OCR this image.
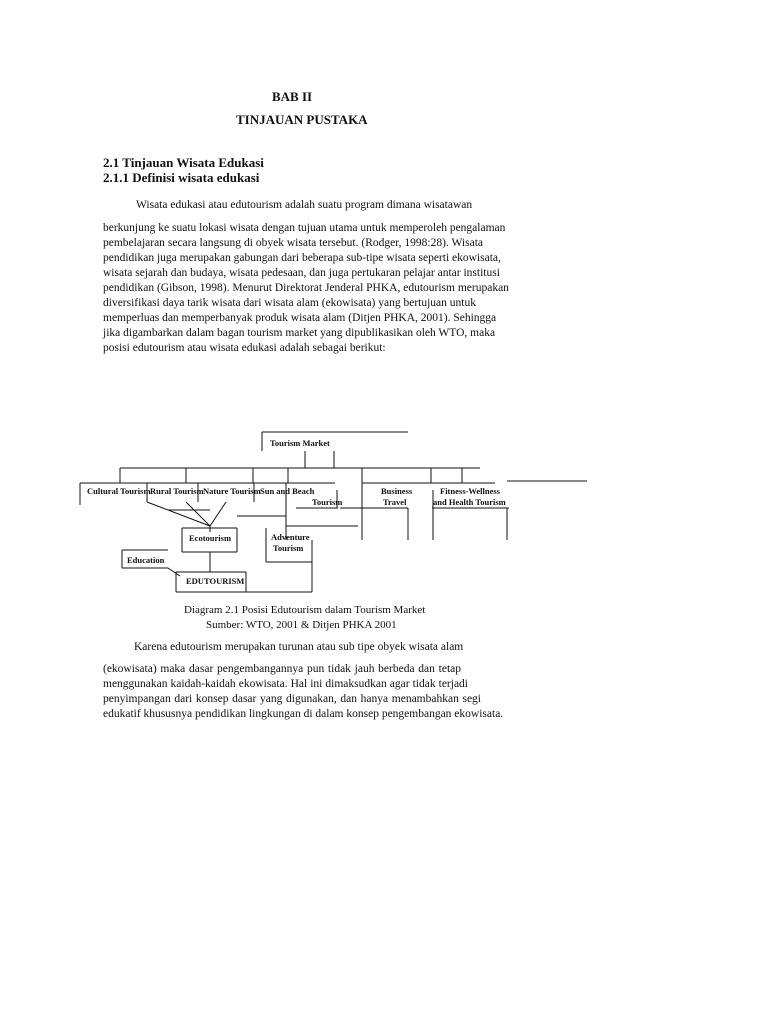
BAB II
TINJAUAN PUSTAKA
2.1 Tinjauan Wisata Edukasi
2.1.1 Definisi wisata edukasi
Wisata edukasi atau edutourism adalah suatu program dimana wisatawan
berkunjung ke suatu lokasi wisata dengan tujuan utama untuk memperoleh pengalaman
pembelajaran secara langsung di obyek wisata tersebut. (Rodger, 1998:28). Wisata
pendidikan juga merupakan gabungan dari beberapa sub-tipe wisata seperti ekowisata,
wisata sejarah dan budaya, wisata pedesaan, dan juga pertukaran pelajar antar institusi
pendidikan (Gibson, 1998). Menurut Direktorat Jenderal PHKA, edutourism merupakan
diversifikasi daya tarik wisata dari wisata alam (ekowisata) yang bertujuan untuk
memperluas dan memperbanyak produk wisata alam (Ditjen PHKA, 2001). Sehingga
jika digambarkan dalam bagan tourism market yang dipublikasikan oleh WTO, maka
posisi edutourism atau wisata edukasi adalah sebagai berikut:
Tourism Market
Cultural Tourism Rural Tourism Nature Tourism Sun and Beach
Tourism
Business
Travel
Fitness-Wellness
and Health Tourism
Ecotourism	Adventure
Tourism
Education
EDUTOURISM
Diagram 2.1 Posisi Edutourism dalam Tourism Market
Sumber: WTO, 2001 & Ditjen PHKA 2001
Karena edutourism merupakan turunan atau sub tipe obyek wisata alam
(ekowisata) maka dasar pengembangannya pun tidak jauh berbeda dan tetap
menggunakan kaidah-kaidah ekowisata. Hal ini dimaksudkan agar tidak terjadi
penyimpangan dari konsep dasar yang digunakan, dan hanya menambahkan segi
edukatif khususnya pendidikan lingkungan di dalam konsep pengembangan ekowisata.
